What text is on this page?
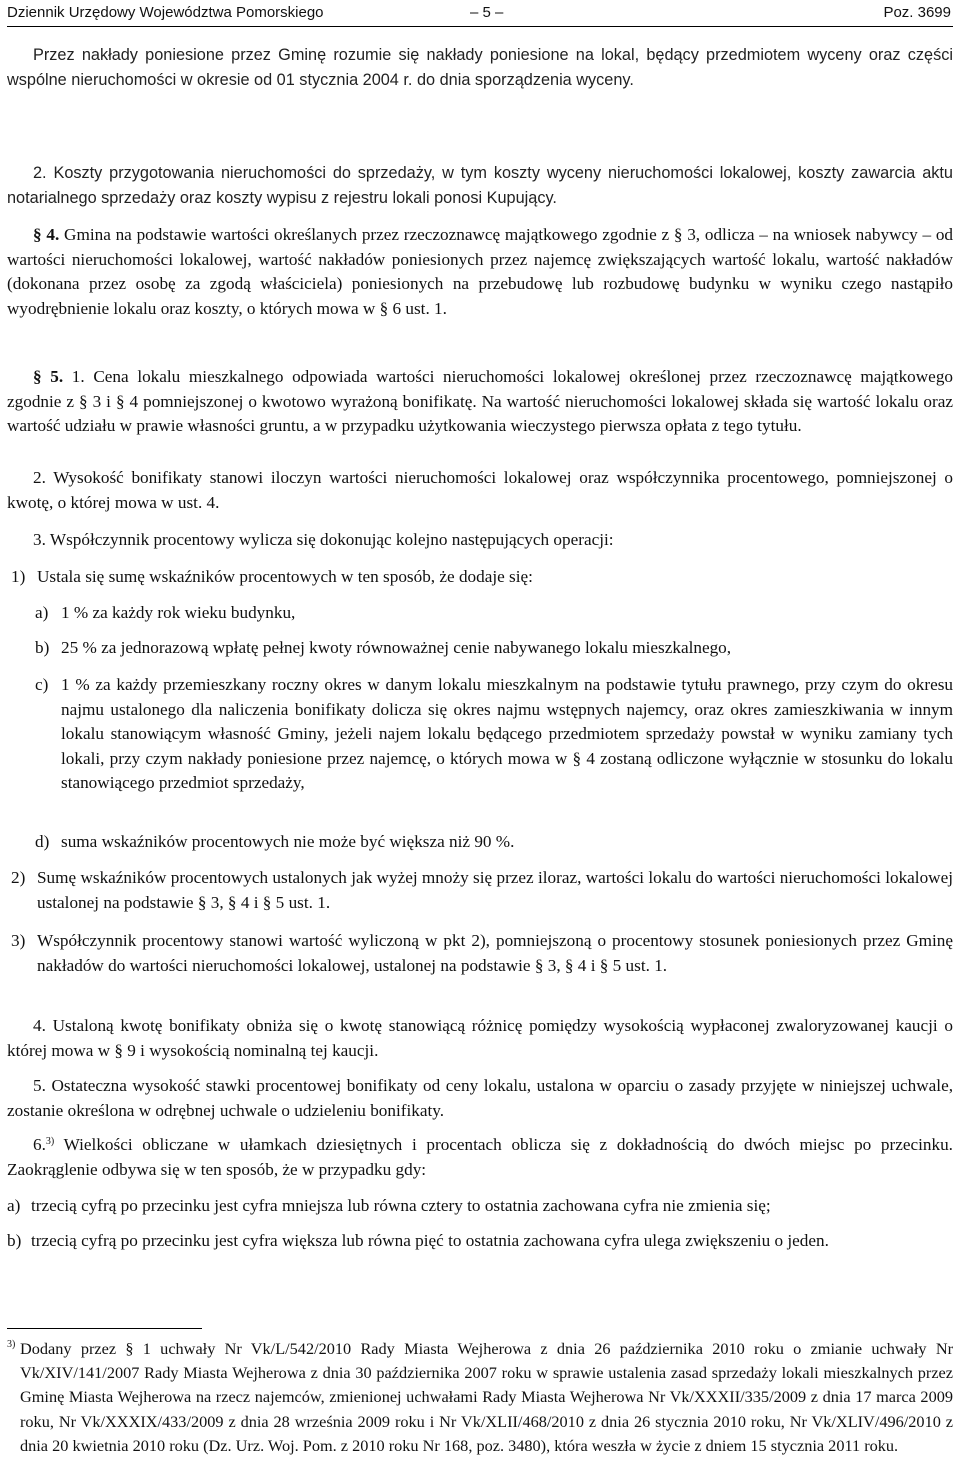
Dziennik Urzędowy Województwa Pomorskiego	– 5 –	Poz. 3699
Przez nakłady poniesione przez Gminę rozumie się nakłady poniesione na lokal, będący przedmiotem wyceny oraz części wspólne nieruchomości w okresie od 01 stycznia 2004 r. do dnia sporządzenia wyceny.
2. Koszty przygotowania nieruchomości do sprzedaży, w tym koszty wyceny nieruchomości lokalowej, koszty zawarcia aktu notarialnego sprzedaży oraz koszty wypisu z rejestru lokali ponosi Kupujący.
§ 4. Gmina na podstawie wartości określanych przez rzeczoznawcę majątkowego zgodnie z § 3, odlicza – na wniosek nabywcy – od wartości nieruchomości lokalowej, wartość nakładów poniesionych przez najemcę zwiększających wartość lokalu, wartość nakładów (dokonana przez osobę za zgodą właściciela) poniesionych na przebudowę lub rozbudowę budynku w wyniku czego nastąpiło wyodrębnienie lokalu oraz koszty, o których mowa w § 6 ust. 1.
§ 5. 1. Cena lokalu mieszkalnego odpowiada wartości nieruchomości lokalowej określonej przez rzeczoznawcę majątkowego zgodnie z § 3 i § 4 pomniejszonej o kwotowo wyrażoną bonifikatę. Na wartość nieruchomości lokalowej składa się wartość lokalu oraz wartość udziału w prawie własności gruntu, a w przypadku użytkowania wieczystego pierwsza opłata z tego tytułu.
2. Wysokość bonifikaty stanowi iloczyn wartości nieruchomości lokalowej oraz współczynnika procentowego, pomniejszonej o kwotę, o której mowa w ust. 4.
3. Współczynnik procentowy wylicza się dokonując kolejno następujących operacji:
1) Ustala się sumę wskaźników procentowych w ten sposób, że dodaje się:
a) 1 % za każdy rok wieku budynku,
b) 25 % za jednorazową wpłatę pełnej kwoty równoważnej cenie nabywanego lokalu mieszkalnego,
c) 1 % za każdy przemieszkany roczny okres w danym lokalu mieszkalnym na podstawie tytułu prawnego, przy czym do okresu najmu ustalonego dla naliczenia bonifikaty dolicza się okres najmu wstępnych najemcy, oraz okres zamieszkiwania w innym lokalu stanowiącym własność Gminy, jeżeli najem lokalu będącego przedmiotem sprzedaży powstał w wyniku zamiany tych lokali, przy czym nakłady poniesione przez najemcę, o których mowa w § 4 zostaną odliczone wyłącznie w stosunku do lokalu stanowiącego przedmiot sprzedaży,
d) suma wskaźników procentowych nie może być większa niż 90 %.
2) Sumę wskaźników procentowych ustalonych jak wyżej mnoży się przez iloraz, wartości lokalu do wartości nieruchomości lokalowej ustalonej na podstawie § 3, § 4 i § 5 ust. 1.
3) Współczynnik procentowy stanowi wartość wyliczoną w pkt 2), pomniejszoną o procentowy stosunek poniesionych przez Gminę nakładów do wartości nieruchomości lokalowej, ustalonej na podstawie § 3, § 4 i § 5 ust. 1.
4. Ustaloną kwotę bonifikaty obniża się o kwotę stanowiącą różnicę pomiędzy wysokością wypłaconej zwaloryzowanej kaucji o której mowa w § 9 i wysokością nominalną tej kaucji.
5. Ostateczna wysokość stawki procentowej bonifikaty od ceny lokalu, ustalona w oparciu o zasady przyjęte w niniejszej uchwale, zostanie określona w odrębnej uchwale o udzieleniu bonifikaty.
6.$^{3)}$ Wielkości obliczane w ułamkach dziesiętnych i procentach oblicza się z dokładnością do dwóch miejsc po przecinku. Zaokrąglenie odbywa się w ten sposób, że w przypadku gdy:
a) trzecią cyfrą po przecinku jest cyfra mniejsza lub równa cztery to ostatnia zachowana cyfra nie zmienia się;
b) trzecią cyfrą po przecinku jest cyfra większa lub równa pięć to ostatnia zachowana cyfra ulega zwiększeniu o jeden.
3) Dodany przez § 1 uchwały Nr Vk/L/542/2010 Rady Miasta Wejherowa z dnia 26 października 2010 roku o zmianie uchwały Nr Vk/XIV/141/2007 Rady Miasta Wejherowa z dnia 30 października 2007 roku w sprawie ustalenia zasad sprzedaży lokali mieszkalnych przez Gminę Miasta Wejherowa na rzecz najemców, zmienionej uchwałami Rady Miasta Wejherowa Nr Vk/XXXII/335/2009 z dnia 17 marca 2009 roku, Nr Vk/XXXIX/433/2009 z dnia 28 września 2009 roku i Nr Vk/XLII/468/2010 z dnia 26 stycznia 2010 roku, Nr Vk/XLIV/496/2010 z dnia 20 kwietnia 2010 roku (Dz. Urz. Woj. Pom. z 2010 roku Nr 168, poz. 3480), która weszła w życie z dniem 15 stycznia 2011 roku.
